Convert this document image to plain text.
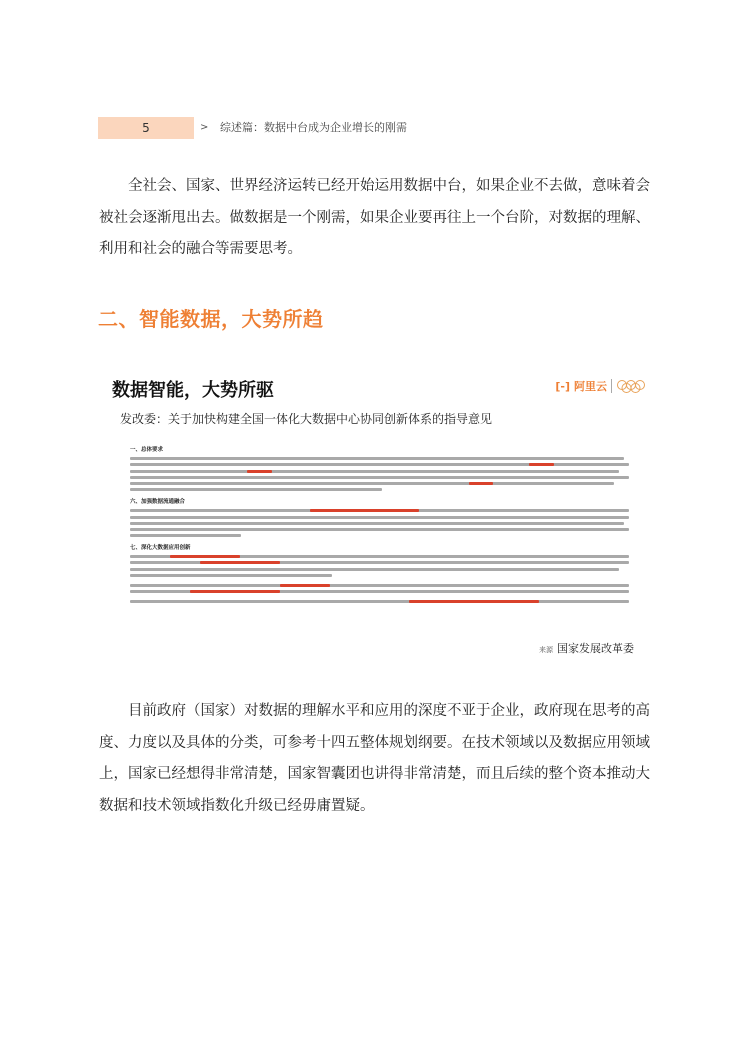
5	> 综述篇：数据中台成为企业增长的刚需
全社会、国家、世界经济运转已经开始运用数据中台，如果企业不去做，意味着会被社会逐渐甩出去。做数据是一个刚需，如果企业要再往上一个台阶，对数据的理解、利用和社会的融合等需要思考。
二、智能数据，大势所趋
数据智能，大势所驱	[-] 阿里云
发改委：关于加快构建全国一体化大数据中心协同创新体系的指导意见
一、总体要求
六、加强数据流通融合
七、深化大数据应用创新
来源 国家发展改革委
目前政府（国家）对数据的理解水平和应用的深度不亚于企业，政府现在思考的高度、力度以及具体的分类，可参考十四五整体规划纲要。在技术领域以及数据应用领域上，国家已经想得非常清楚，国家智囊团也讲得非常清楚，而且后续的整个资本推动大数据和技术领域指数化升级已经毋庸置疑。
